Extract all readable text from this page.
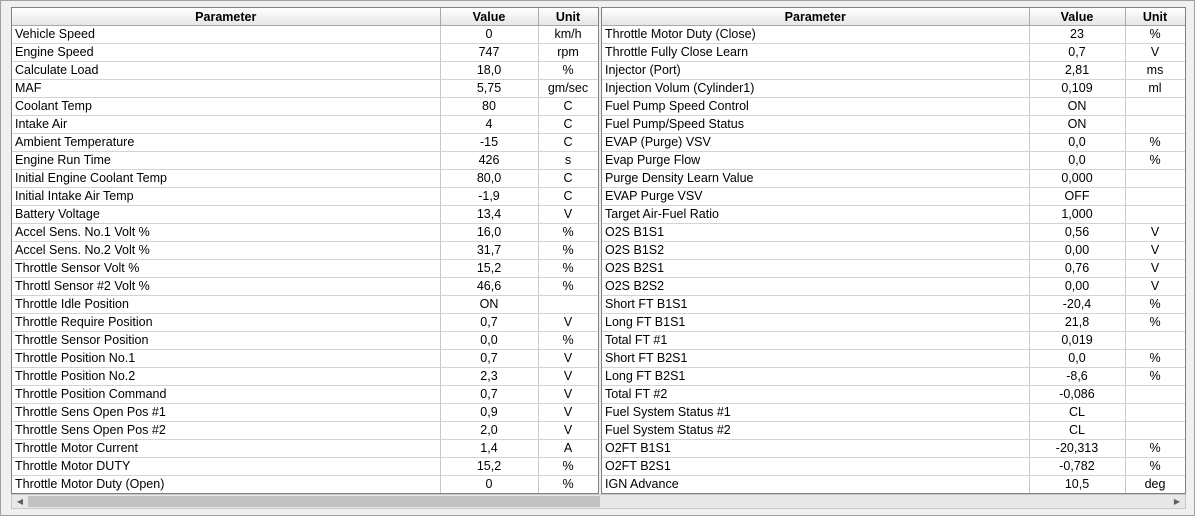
Parameter	Value	Unit
Vehicle Speed	0	km/h
Engine Speed	747	rpm
Calculate Load	18,0	%
MAF	5,75	gm/sec
Coolant Temp	80	C
Intake Air	4	C
Ambient Temperature	-15	C
Engine Run Time	426	s
Initial Engine Coolant Temp	80,0	C
Initial Intake Air Temp	-1,9	C
Battery Voltage	13,4	V
Accel Sens. No.1 Volt %	16,0	%
Accel Sens. No.2 Volt %	31,7	%
Throttle Sensor Volt %	15,2	%
Throttl Sensor #2 Volt %	46,6	%
Throttle Idle Position	ON	
Throttle Require Position	0,7	V
Throttle Sensor Position	0,0	%
Throttle Position No.1	0,7	V
Throttle Position No.2	2,3	V
Throttle Position Command	0,7	V
Throttle Sens Open Pos #1	0,9	V
Throttle Sens Open Pos #2	2,0	V
Throttle Motor Current	1,4	A
Throttle Motor DUTY	15,2	%
Throttle Motor Duty (Open)	0	%
Parameter	Value	Unit
Throttle Motor Duty (Close)	23	%
Throttle Fully Close Learn	0,7	V
Injector (Port)	2,81	ms
Injection Volum (Cylinder1)	0,109	ml
Fuel Pump Speed Control	ON	
Fuel Pump/Speed Status	ON	
EVAP (Purge) VSV	0,0	%
Evap Purge Flow	0,0	%
Purge Density Learn Value	0,000	
EVAP Purge VSV	OFF	
Target Air-Fuel Ratio	1,000	
O2S B1S1	0,56	V
O2S B1S2	0,00	V
O2S B2S1	0,76	V
O2S B2S2	0,00	V
Short FT B1S1	-20,4	%
Long FT B1S1	21,8	%
Total FT #1	0,019	
Short FT B2S1	0,0	%
Long FT B2S1	-8,6	%
Total FT #2	-0,086	
Fuel System Status #1	CL	
Fuel System Status #2	CL	
O2FT B1S1	-20,313	%
O2FT B2S1	-0,782	%
IGN Advance	10,5	deg
◀	▶
